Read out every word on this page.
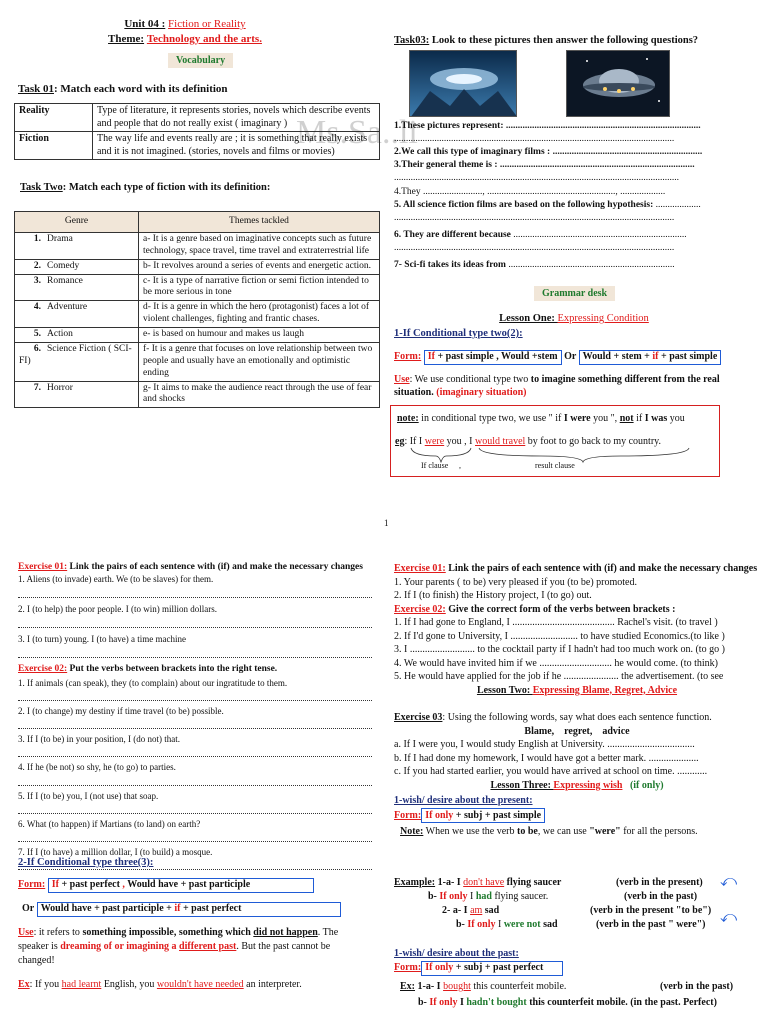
Unit 04 : Fiction or Reality
Theme: Technology and the arts.
Vocabulary
Ms.Sa..li
Task 01: Match each word with its definition
Reality	Type of literature, it represents stories, novels which describe events and people that do not really exist ( imaginary )
Fiction	The way life and events really are ; it is something that really exists and it is not imagined. (stories, novels and films or movies)
Task Two: Match each type of fiction with its definition:
Genre	Themes tackled
1. Drama	a- It is a genre based on imaginative concepts such as future technology, space travel, time travel and extraterrestrial life
2. Comedy	b- It revolves around a series of events and energetic action.
3. Romance	c- It is a type of narrative fiction or semi fiction intended to be more serious in tone
4. Adventure	d- It is a genre in which the hero (protagonist) faces a lot of violent challenges, fighting and frantic chases.
5. Action	e- is based on humour and makes us laugh
6. Science Fiction ( SCI-FI)	f- It is a genre that focuses on love relationship between two people and usually have an emotionally and optimistic ending
7. Horror	g- It aims to make the audience react through the use of fear and shocks
1
Task03: Look to these pictures then answer the following questions?
1.These pictures represent: ..................................................................................
......................................................................................................................
2.We call this type of imaginary films : ...............................................................
3.Their general theme is : ..................................................................................
........................................................................................................................
4.They ........................., ......................................................, ...................
5. All science fiction films are based on the following hypothesis: ...................
......................................................................................................................
6. They are different because .........................................................................
......................................................................................................................
7- Sci-fi takes its ideas from ......................................................................
Grammar desk
Lesson One: Expressing Condition
1-If Conditional type two(2):
Form: If + past simple , Would +stem Or Would + stem + if + past simple
Use: We use conditional type two to imagine something different from the real situation. (imaginary situation)
note: in conditional type two, we use " if I were you ", not if I was you
eg: If I were you , I would travel by foot to go back to my country.
If clause ,	result clause
Exercise 01: Link the pairs of each sentence with (if) and make the necessary changes
1. Aliens (to invade) earth. We (to be slaves) for them.
2. I (to help) the poor people. I (to win) million dollars.
3. I (to turn) young. I (to have) a time machine
Exercise 02: Put the verbs between brackets into the right tense.
1. If animals (can speak), they (to complain) about our ingratitude to them.
2. I (to change) my destiny if time travel (to be) possible.
3. If I (to be) in your position, I (do not) that.
4. If he (be not) so shy, he (to go) to parties.
5. If I (to be) you, I (not use) that soap.
6. What (to happen) if Martians (to land) on earth?
7. If I (to have) a million dollar, I (to build) a mosque.
2-If Conditional type three(3):
Form: If + past perfect , Would have + past participle
Or Would have + past participle + if + past perfect
Use: it refers to something impossible, something which did not happen. The speaker is dreaming of or imagining a different past. But the past cannot be changed!
Ex: If you had learnt English, you wouldn't have needed an interpreter.
Exercise 01: Link the pairs of each sentence with (if) and make the necessary changes
1. Your parents ( to be) very pleased if you (to be) promoted.
2. If I (to finish) the History project, I (to go) out.
Exercise 02: Give the correct form of the verbs between brackets :
1. If I had gone to England, I ......................................... Rachel's visit. (to travel )
2. If I'd gone to University, I ........................... to have studied Economics.(to like )
3. I .......................... to the cocktail party if I hadn't had too much work on. (to go )
4. We would have invited him if we ............................. he would come. (to think)
5. He would have applied for the job if he ...................... the advertisement. (to see
Lesson Two: Expressing Blame, Regret, Advice
Exercise 03: Using the following words, say what does each sentence function.
Blame,    regret,    advice
a. If I were you, I would study English at University. ...................................
b. If I had done my homework, I would have got a better mark. ....................
c. If you had started earlier, you would have arrived at school on time. ............
Lesson Three: Expressing wish (if only)
1-wish/ desire about the present:
Form: If only + subj + past simple
Note: When we use the verb to be, we can use "were" for all the persons.
Example: 1-a- I don't have flying saucer	(verb in the present)
b- If only I had flying saucer.	(verb in the past)
2- a- I am sad	(verb in the present "to be")
b- If only I were not sad	(verb in the past " were")
⤺
⤺
1-wish/ desire about the past:
Form: If only + subj + past perfect
Ex: 1-a- I bought this counterfeit mobile.	(verb in the past)
b- If only I hadn't bought this counterfeit mobile. (in the past. Perfect)
